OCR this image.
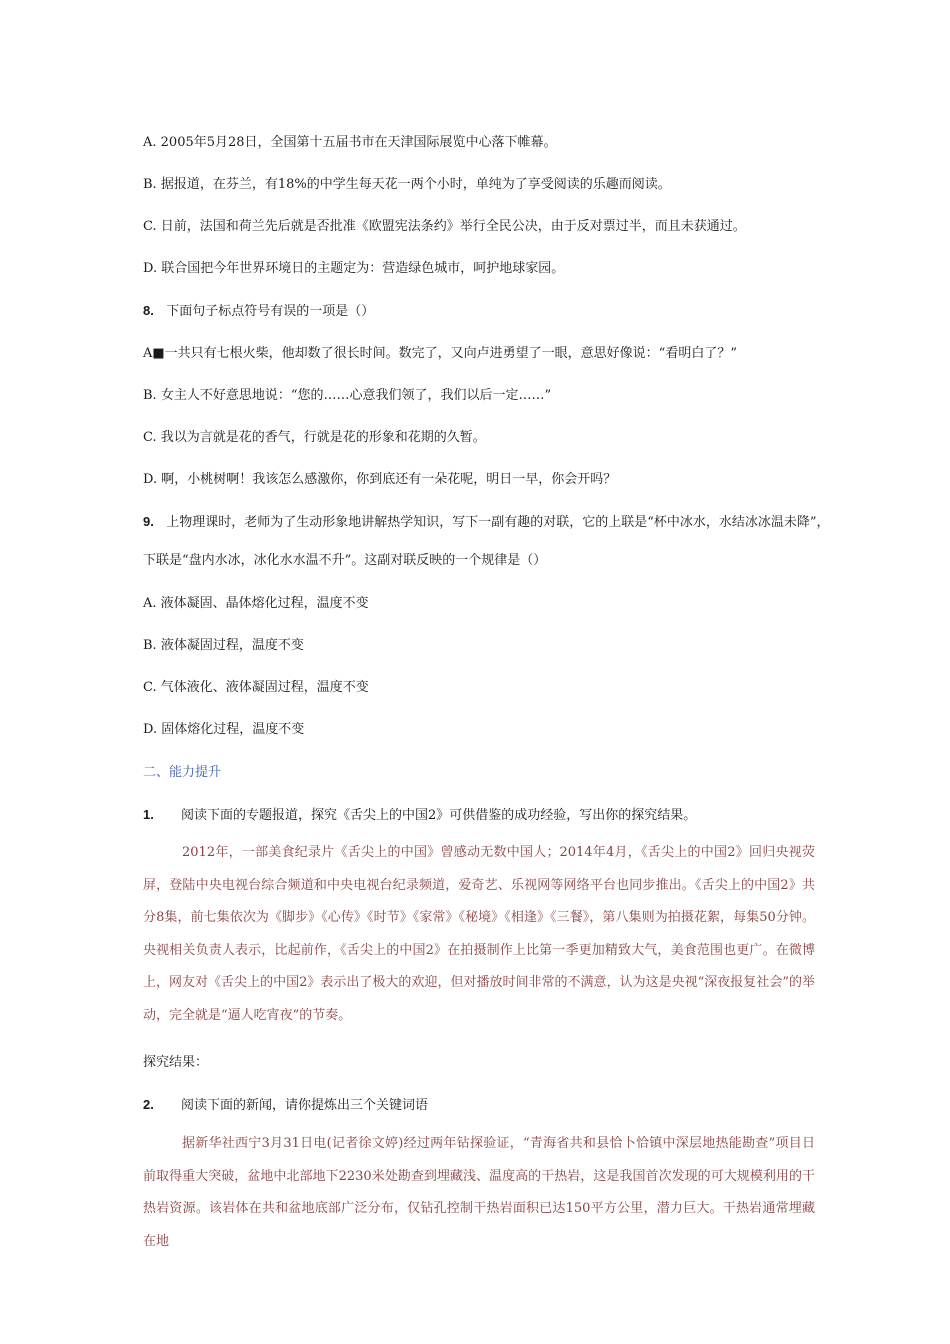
A. 2005年5月28日，全国第十五届书市在天津国际展览中心落下帷幕。
B. 据报道，在芬兰，有18%的中学生每天花一两个小时，单纯为了享受阅读的乐趣而阅读。
C. 日前，法国和荷兰先后就是否批准《欧盟宪法条约》举行全民公决，由于反对票过半，而且未获通过。
D. 联合国把今年世界环境日的主题定为：营造绿色城市，呵护地球家园。
8. 下面句子标点符号有误的一项是（）
A■一共只有七根火柴，他却数了很长时间。数完了，又向卢进勇望了一眼，意思好像说：“看明白了？”
B. 女主人不好意思地说：“您的……心意我们领了，我们以后一定……”
C. 我以为言就是花的香气，行就是花的形象和花期的久暂。
D. 啊，小桃树啊！我该怎么感激你，你到底还有一朵花呢，明日一早，你会开吗？
9. 上物理课时，老师为了生动形象地讲解热学知识，写下一副有趣的对联，它的上联是“杯中冰水，水结冰冰温未降”，
下联是“盘内水冰，冰化水水温不升”。这副对联反映的一个规律是（）
A. 液体凝固、晶体熔化过程，温度不变
B. 液体凝固过程，温度不变
C. 气体液化、液体凝固过程，温度不变
D. 固体熔化过程，温度不变
二、能力提升
1. 阅读下面的专题报道，探究《舌尖上的中国2》可供借鉴的成功经验，写出你的探究结果。

2012年，一部美食纪录片《舌尖上的中国》曾感动无数中国人；2014年4月，《舌尖上的中国2》回归央视荧屏，登陆中央电视台综合频道和中央电视台纪录频道，爱奇艺、乐视网等网络平台也同步推出。《舌尖上的中国2》共分8集，前七集依次为《脚步》《心传》《时节》《家常》《秘境》《相逢》《三餐》，第八集则为拍摄花絮，每集50分钟。央视相关负责人表示，比起前作，《舌尖上的中国2》在拍摄制作上比第一季更加精致大气，美食范围也更广。在微博上，网友对《舌尖上的中国2》表示出了极大的欢迎，但对播放时间非常的不满意，认为这是央视“深夜报复社会”的举动，完全就是“逼人吃宵夜”的节奏。

探究结果：
2. 阅读下面的新闻，请你提炼出三个关键词语

据新华社西宁3月31日电(记者徐文婷)经过两年钻探验证，“青海省共和县恰卜恰镇中深层地热能勘查”项目日前取得重大突破，盆地中北部地下2230米处勘查到埋藏浅、温度高的干热岩，这是我国首次发现的可大规模利用的干热岩资源。该岩体在共和盆地底部广泛分布，仅钻孔控制干热岩面积已达150平方公里，潜力巨大。干热岩通常埋藏在地
